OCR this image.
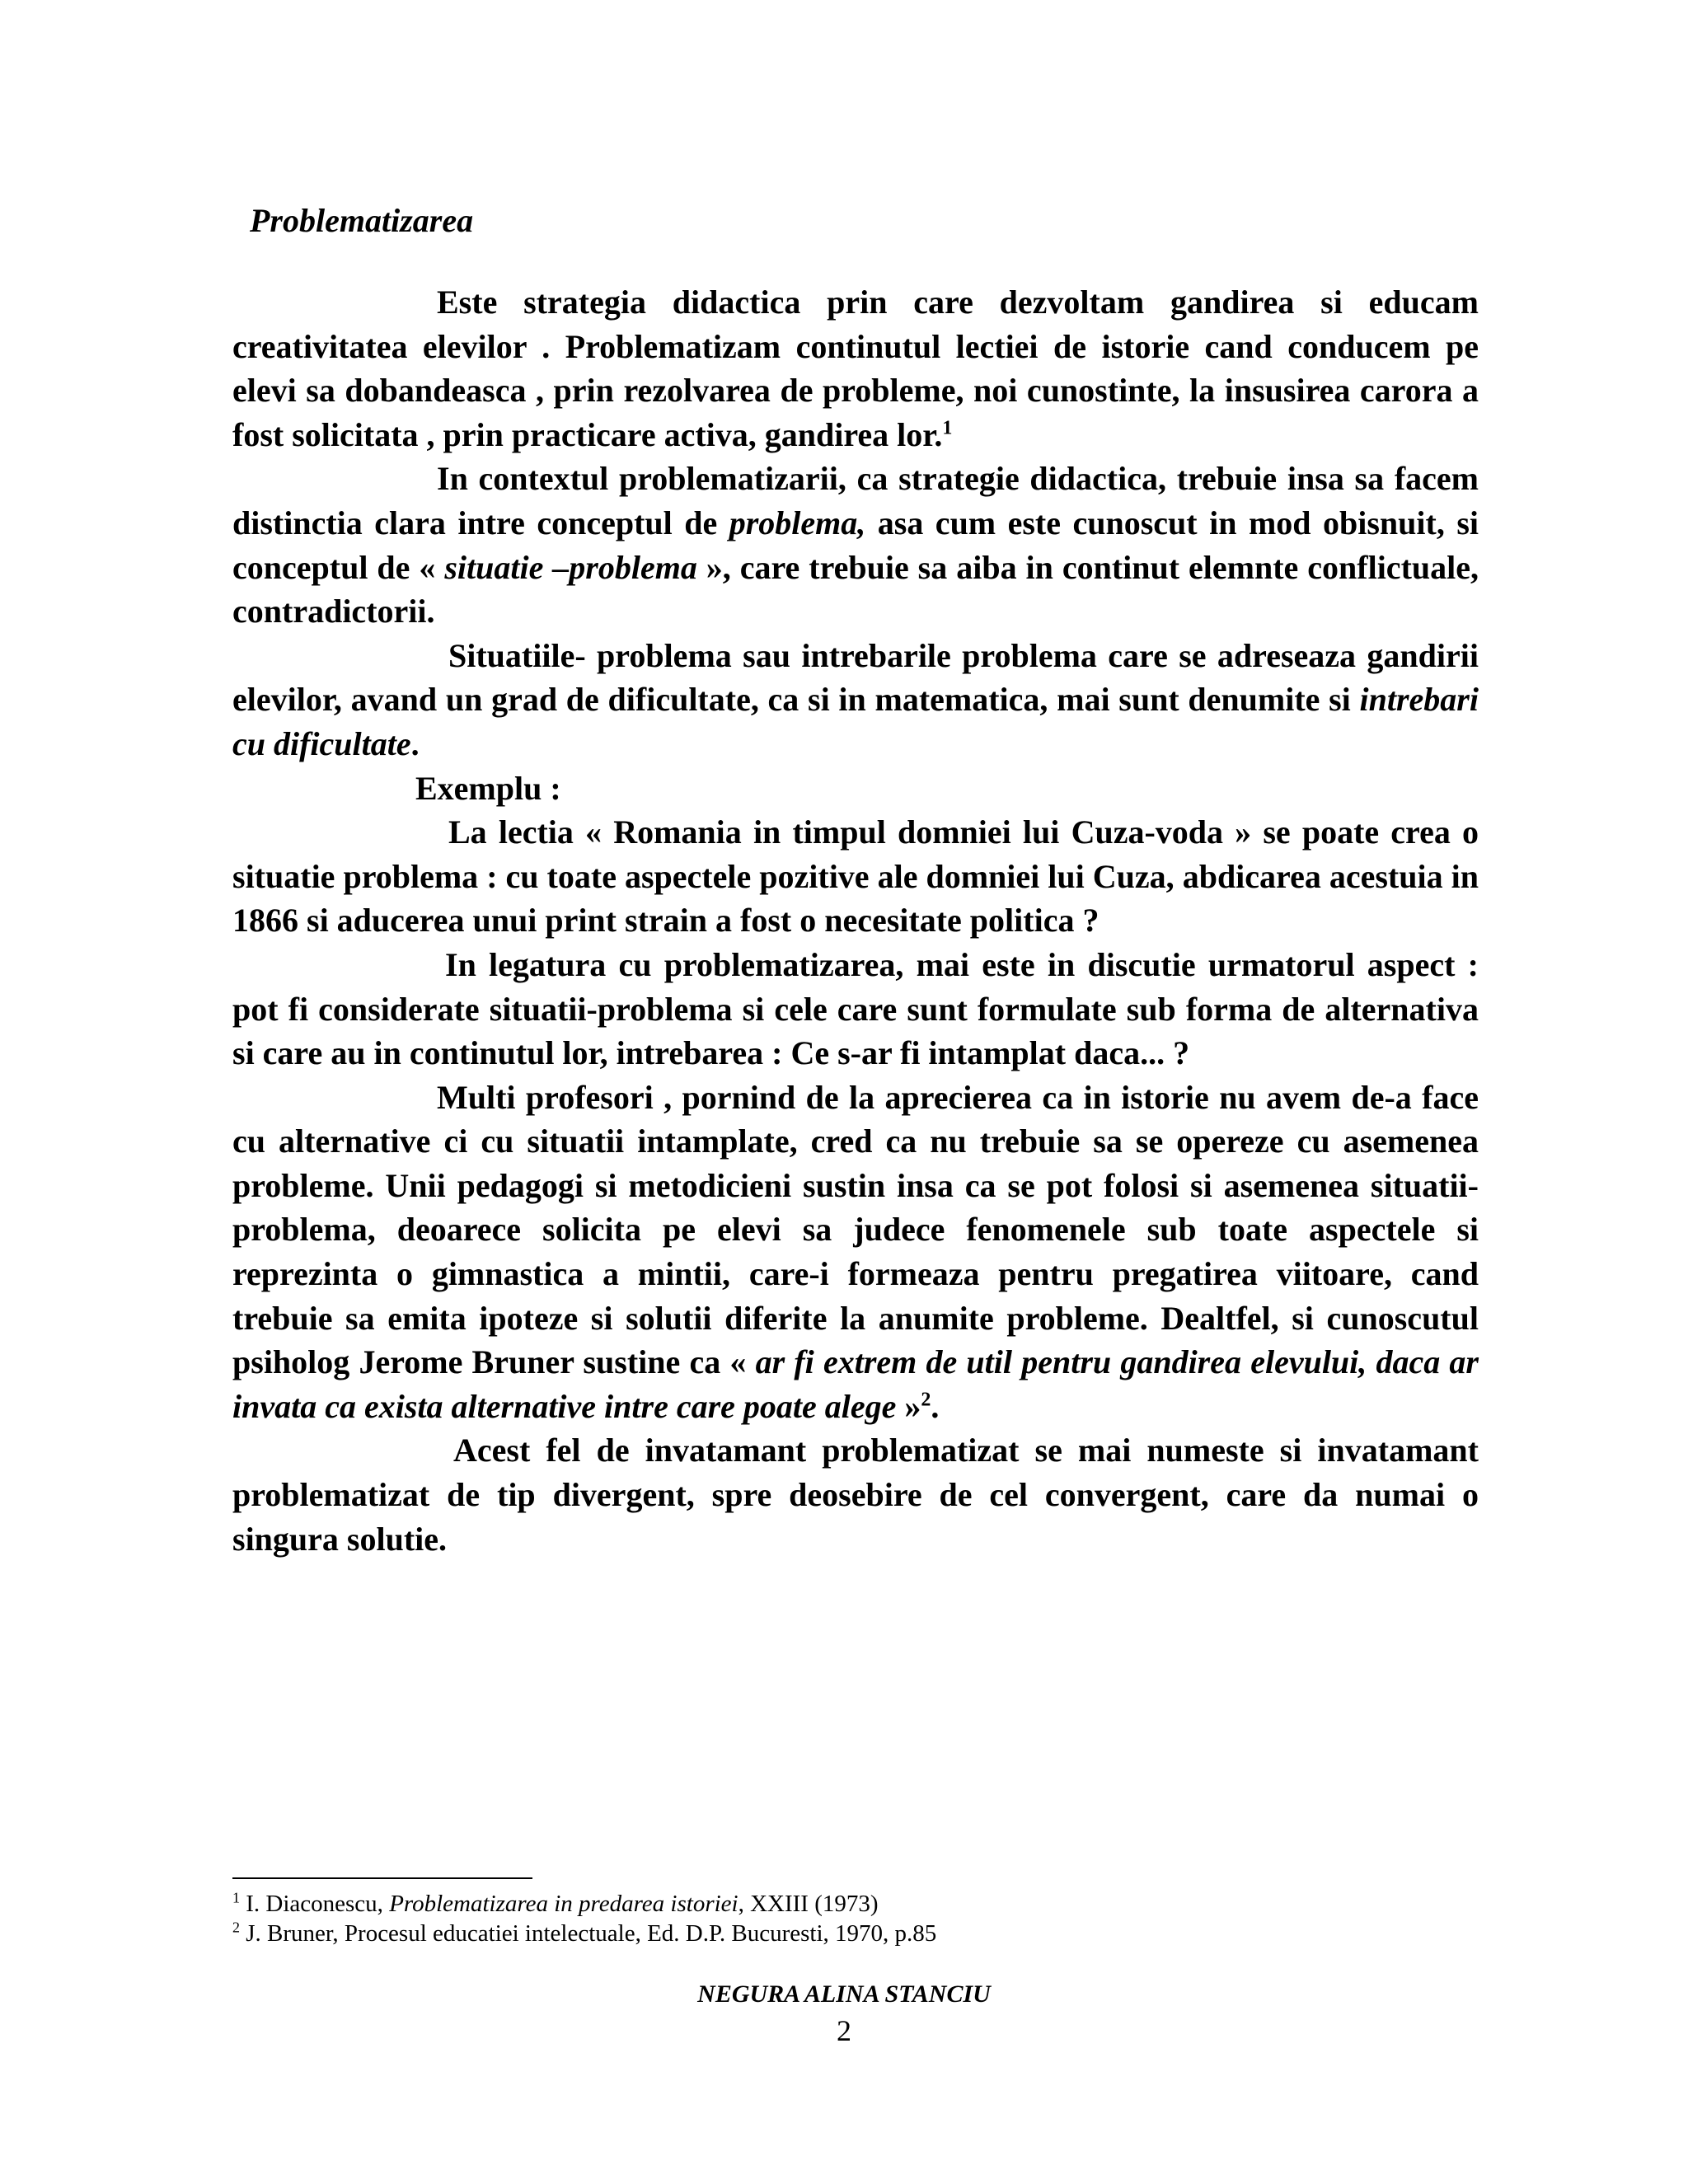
Problematizarea

Este strategia didactica prin care dezvoltam gandirea si educam creativitatea elevilor . Problematizam continutul lectiei de istorie cand conducem pe elevi sa dobandeasca , prin rezolvarea de probleme, noi cunostinte, la insusirea carora a fost solicitata , prin practicare activa, gandirea lor.$^1$

In contextul problematizarii, ca strategie didactica, trebuie insa sa facem distinctia clara intre conceptul de problema, asa cum este cunoscut in mod obisnuit, si conceptul de « situatie –problema », care trebuie sa aiba in continut elemnte conflictuale, contradictorii.

Situatiile- problema sau intrebarile problema care se adreseaza gandirii elevilor, avand un grad de dificultate, ca si in matematica, mai sunt denumite si intrebari cu dificultate.

Exemplu :

La lectia « Romania in timpul domniei lui Cuza-voda » se poate crea o situatie problema : cu toate aspectele pozitive ale domniei lui Cuza, abdicarea acestuia in 1866 si aducerea unui print strain a fost o necesitate politica ?

In legatura cu problematizarea, mai este in discutie urmatorul aspect : pot fi considerate situatii-problema si cele care sunt formulate sub forma de alternativa si care au in continutul lor, intrebarea : Ce s-ar fi intamplat daca... ?

Multi profesori , pornind de la aprecierea ca in istorie nu avem de-a face cu alternative ci cu situatii intamplate, cred ca nu trebuie sa se opereze cu asemenea probleme. Unii pedagogi si metodicieni sustin insa ca se pot folosi si asemenea situatii-problema, deoarece solicita pe elevi sa judece fenomenele sub toate aspectele si reprezinta o gimnastica a mintii, care-i formeaza pentru pregatirea viitoare, cand trebuie sa emita ipoteze si solutii diferite la anumite probleme. Dealtfel, si cunoscutul psiholog Jerome Bruner sustine ca « ar fi extrem de util pentru gandirea elevului, daca ar invata ca exista alternative intre care poate alege »$^2$.

Acest fel de invatamant problematizat se mai numeste si invatamant problematizat de tip divergent, spre deosebire de cel convergent, care da numai o singura solutie.

$^1$ I. Diaconescu, Problematizarea in predarea istoriei, XXIII (1973)
$^2$ J. Bruner, Procesul educatiei intelectuale, Ed. D.P. Bucuresti, 1970, p.85
NEGURA ALINA STANCIU
2
